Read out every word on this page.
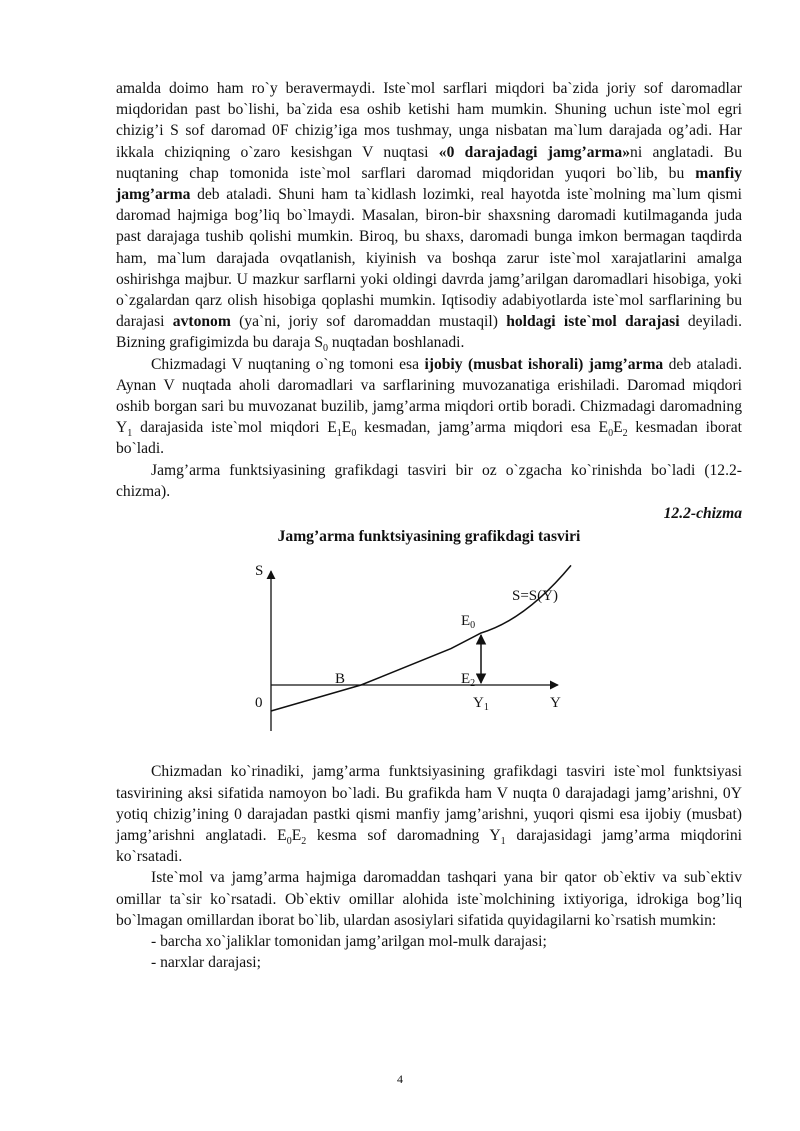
amalda doimo ham ro`y beravermaydi. Iste`mol sarflari miqdori ba`zida joriy sof daromadlar miqdoridan past bo`lishi, ba`zida esa oshib ketishi ham mumkin. Shuning uchun iste`mol egri chizig’i S sof daromad 0F chizig’iga mos tushmay, unga nisbatan ma`lum darajada og’adi. Har ikkala chiziqning o`zaro kesishgan V nuqtasi «0 darajadagi jamg’arma»ni anglatadi. Bu nuqtaning chap tomonida iste`mol sarflari daromad miqdoridan yuqori bo`lib, bu manfiy jamg’arma deb ataladi. Shuni ham ta`kidlash lozimki, real hayotda iste`molning ma`lum qismi daromad hajmiga bog’liq bo`lmaydi. Masalan, biron-bir shaxsning daromadi kutilmaganda juda past darajaga tushib qolishi mumkin. Biroq, bu shaxs, daromadi bunga imkon bermagan taqdirda ham, ma`lum darajada ovqatlanish, kiyinish va boshqa zarur iste`mol xarajatlarini amalga oshirishga majbur. U mazkur sarflarni yoki oldingi davrda jamg’arilgan daromadlari hisobiga, yoki o`zgalardan qarz olish hisobiga qoplashi mumkin. Iqtisodiy adabiyotlarda iste`mol sarflarining bu darajasi avtonom (ya`ni, joriy sof daromaddan mustaqil) holdagi iste`mol darajasi deyiladi. Bizning grafigimizda bu daraja $S_0$ nuqtadan boshlanadi.

Chizmadagi V nuqtaning o`ng tomoni esa ijobiy (musbat ishorali) jamg’arma deb ataladi. Aynan V nuqtada aholi daromadlari va sarflarining muvozanatiga erishiladi. Daromad miqdori oshib borgan sari bu muvozanat buzilib, jamg’arma miqdori ortib boradi. Chizmadagi daromadning $Y_1$ darajasida iste`mol miqdori $E_1E_0$ kesmadan, jamg’arma miqdori esa $E_0E_2$ kesmadan iborat bo`ladi.

Jamg’arma funktsiyasining grafikdagi tasviri bir oz o`zgacha ko`rinishda bo`ladi (12.2-chizma).

12.2-chizma
Jamg’arma funktsiyasining grafikdagi tasviri
S
Y
0
S=S(Y)
B
$E_0$
$E_2$
$Y_1$

Chizmadan ko`rinadiki, jamg’arma funktsiyasining grafikdagi tasviri iste`mol funktsiyasi tasvirining aksi sifatida namoyon bo`ladi. Bu grafikda ham V nuqta 0 darajadagi jamg’arishni, 0Y yotiq chizig’ining 0 darajadan pastki qismi manfiy jamg’arishni, yuqori qismi esa ijobiy (musbat) jamg’arishni anglatadi. $E_0E_2$ kesma sof daromadning $Y_1$ darajasidagi jamg’arma miqdorini ko`rsatadi.

Iste`mol va jamg’arma hajmiga daromaddan tashqari yana bir qator ob`ektiv va sub`ektiv omillar ta`sir ko`rsatadi. Ob`ektiv omillar alohida iste`molchining ixtiyoriga, idrokiga bog’liq bo`lmagan omillardan iborat bo`lib, ulardan asosiylari sifatida quyidagilarni ko`rsatish mumkin:

- barcha xo`jaliklar tomonidan jamg’arilgan mol-mulk darajasi;

- narxlar darajasi;

4
